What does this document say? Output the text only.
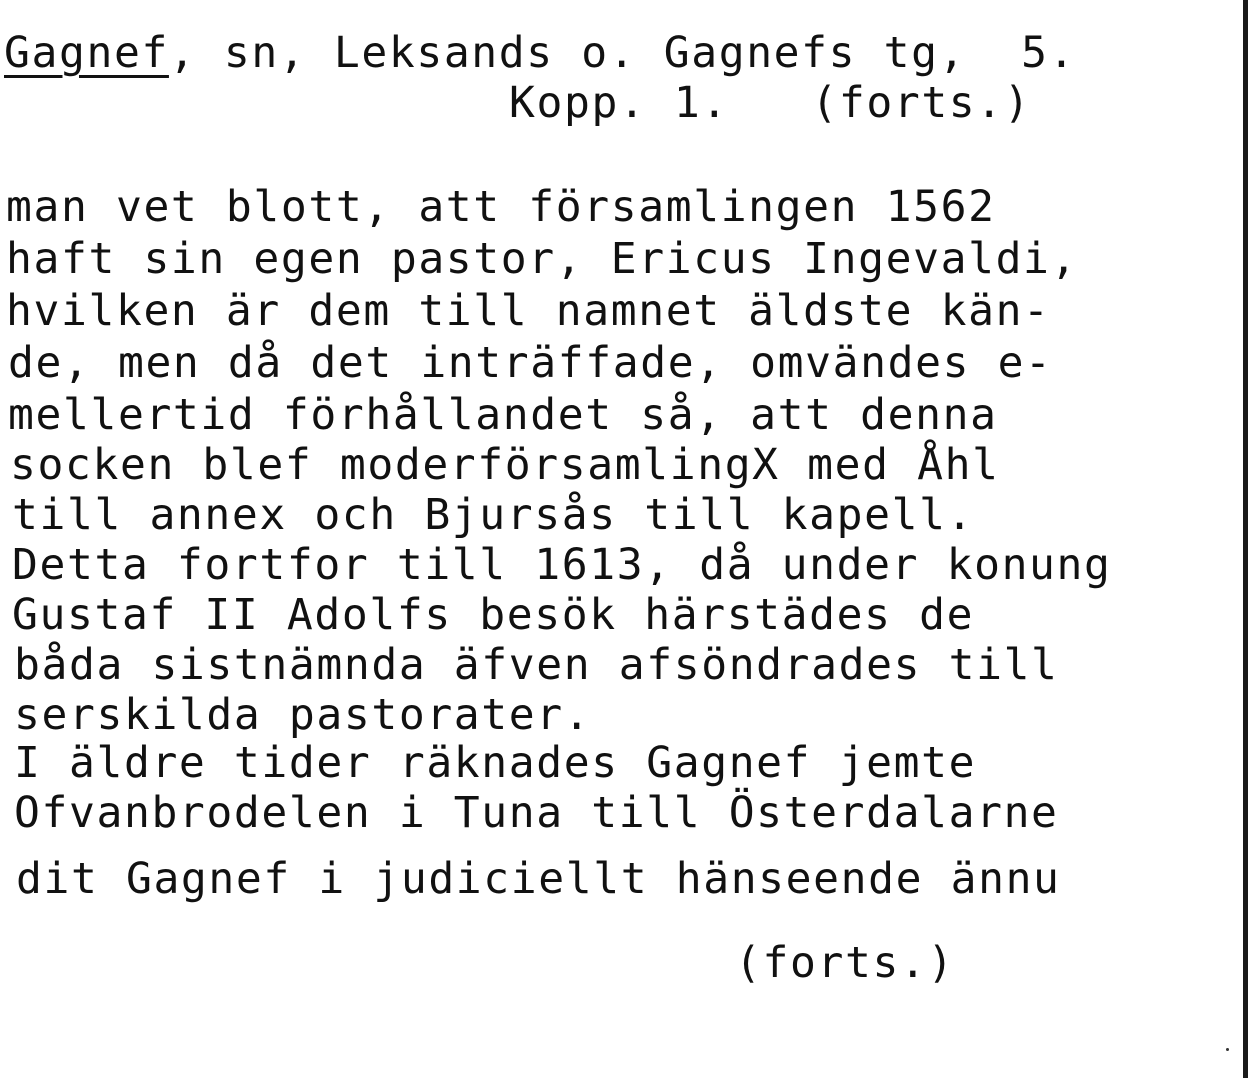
Gagnef, sn, Leksands o. Gagnefs tg,  5.
Kopp. 1.   (forts.)
man vet blott, att församlingen 1562
haft sin egen pastor, Ericus Ingevaldi,
hvilken är dem till namnet äldste kän-
de, men då det inträffade, omvändes e-
mellertid förhållandet så, att denna
socken blef moderförsamlingX med Åhl
till annex och Bjursås till kapell.
Detta fortfor till 1613, då under konung
Gustaf II Adolfs besök härstädes de
båda sistnämnda äfven afsöndrades till
serskilda pastorater.
I äldre tider räknades Gagnef jemte
Ofvanbrodelen i Tuna till Österdalarne
dit Gagnef i judiciellt hänseende ännu
(forts.)
